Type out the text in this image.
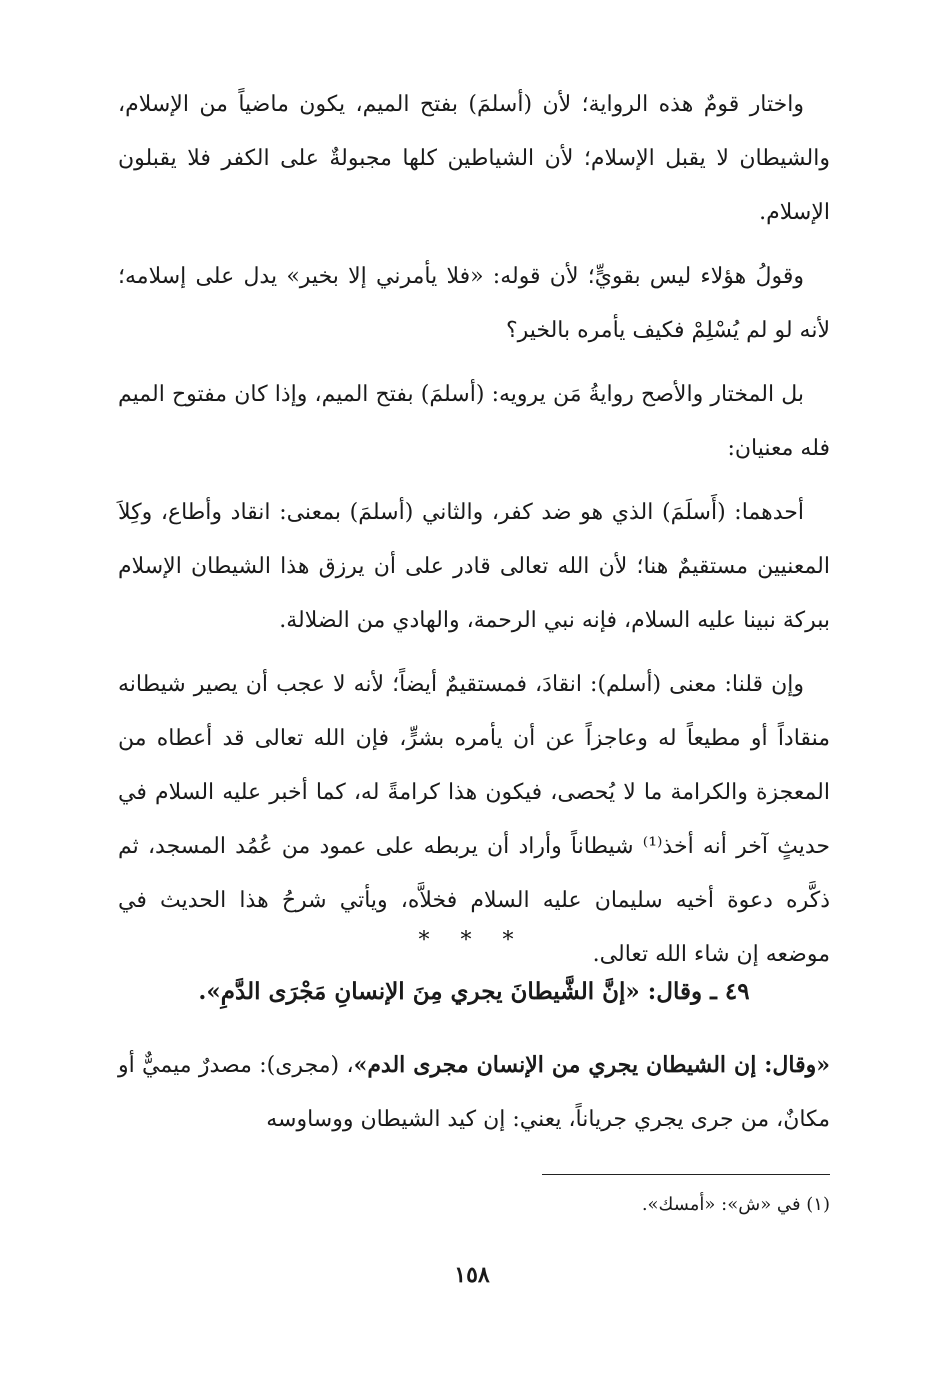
واختار قومٌ هذه الرواية؛ لأن (أسلمَ) بفتح الميم، يكون ماضياً من الإسلام، والشيطان لا يقبل الإسلام؛ لأن الشياطين كلها مجبولةٌ على الكفر فلا يقبلون الإسلام.

وقولُ هؤلاء ليس بقويٍّ؛ لأن قوله: «فلا يأمرني إلا بخير» يدل على إسلامه؛ لأنه لو لم يُسْلِمْ فكيف يأمره بالخير؟

بل المختار والأصح روايةُ مَن يرويه: (أسلمَ) بفتح الميم، وإذا كان مفتوح الميم فله معنيان:

أحدهما: (أَسلَمَ) الذي هو ضد كفر، والثاني (أسلمَ) بمعنى: انقاد وأطاع، وكِلاَ المعنيين مستقيمٌ هنا؛ لأن الله تعالى قادر على أن يرزق هذا الشيطان الإسلام ببركة نبينا عليه السلام، فإنه نبي الرحمة، والهادي من الضلالة.

وإن قلنا: معنى (أسلم): انقادَ، فمستقيمٌ أيضاً؛ لأنه لا عجب أن يصير شيطانه منقاداً أو مطيعاً له وعاجزاً عن أن يأمره بشرٍّ، فإن الله تعالى قد أعطاه من المعجزة والكرامة ما لا يُحصى، فيكون هذا كرامةً له، كما أخبر عليه السلام في حديثٍ آخر أنه أخذ⁽¹⁾ شيطاناً وأراد أن يربطه على عمود من عُمُد المسجد، ثم ذكَّره دعوة أخيه سليمان عليه السلام فخلاَّه، ويأتي شرحُ هذا الحديث في موضعه إن شاء الله تعالى.

* * *
٤٩ ـ وقال: «إنَّ الشَّيطانَ يجري مِنَ الإنسانِ مَجْرَى الدَّمِ».
«وقال: إن الشيطان يجري من الإنسان مجرى الدم»، (مجرى): مصدرٌ ميميٌّ أو مكانٌ، من جرى يجري جرياناً، يعني: إن كيد الشيطان ووساوسه
(١) في «ش»: «أمسك».
١٥٨
